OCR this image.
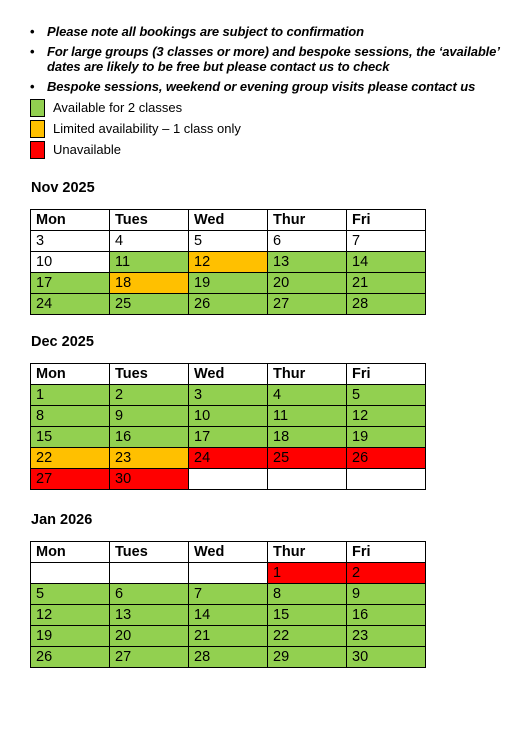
• Please note all bookings are subject to confirmation
• For large groups (3 classes or more) and bespoke sessions, the ‘available’ dates are likely to be free but please contact us to check
• Bespoke sessions, weekend or evening group visits please contact us
Available for 2 classes
Limited availability – 1 class only
Unavailable
Nov 2025
Mon	Tues	Wed	Thur	Fri
3	4	5	6	7
10	11	12	13	14
17	18	19	20	21
24	25	26	27	28
Dec 2025
Mon	Tues	Wed	Thur	Fri
1	2	3	4	5
8	9	10	11	12
15	16	17	18	19
22	23	24	25	26
27	30			
Jan 2026
Mon	Tues	Wed	Thur	Fri
			1	2
5	6	7	8	9
12	13	14	15	16
19	20	21	22	23
26	27	28	29	30
